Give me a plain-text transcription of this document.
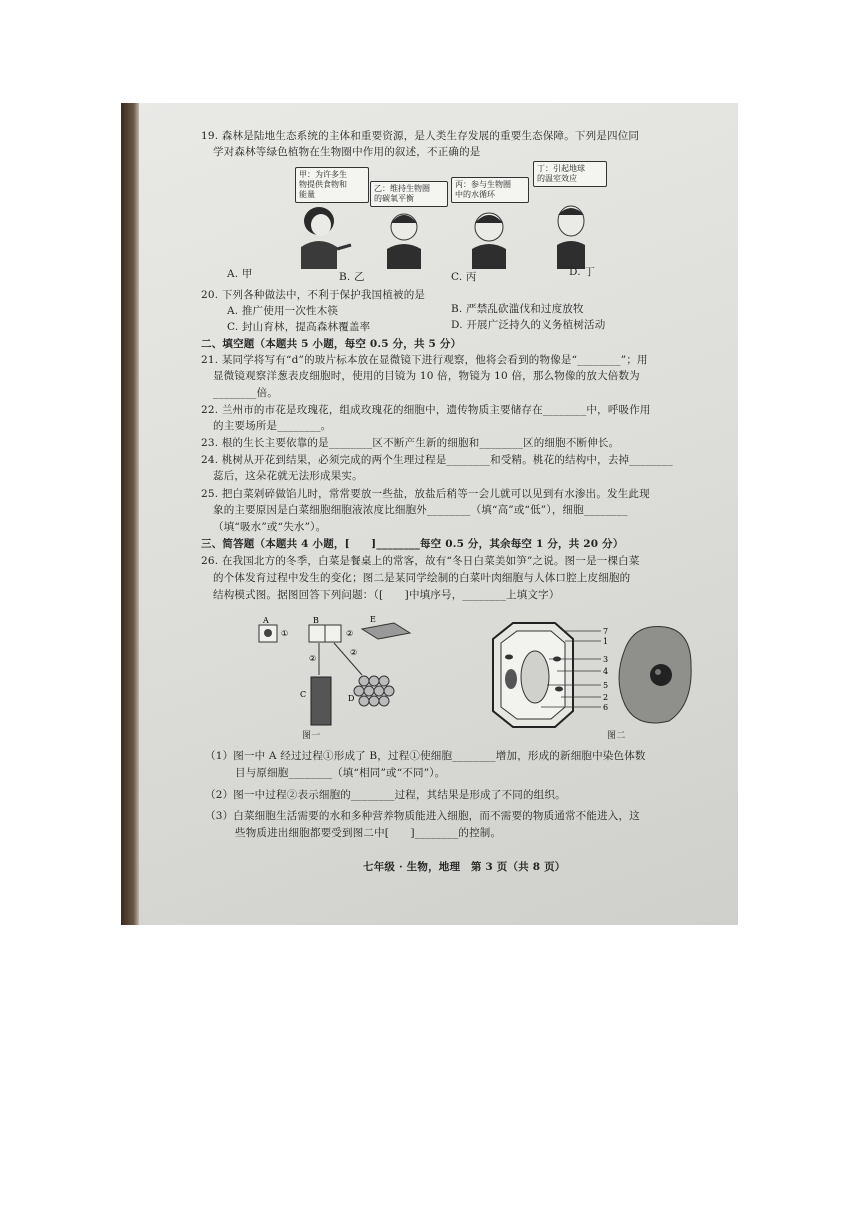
19. 森林是陆地生态系统的主体和重要资源，是人类生存发展的重要生态保障。下列是四位同
学对森林等绿色植物在生物圈中作用的叙述，不正确的是
甲：为许多生
物提供食物和
能量
乙：维持生物圈
的碳氧平衡
丙：参与生物圈
中的水循环
丁：引起地球
的温室效应
A. 甲	B. 乙	C. 丙	D. 丁
20. 下列各种做法中，不利于保护我国植被的是
A. 推广使用一次性木筷	B. 严禁乱砍滥伐和过度放牧
C. 封山育林，提高森林覆盖率	D. 开展广泛持久的义务植树活动
二、填空题（本题共 5 小题，每空 0.5 分，共 5 分）
21. 某同学将写有“d”的玻片标本放在显微镜下进行观察，他将会看到的物像是“________”；用
显微镜观察洋葱表皮细胞时，使用的目镜为 10 倍，物镜为 10 倍，那么物像的放大倍数为
________倍。
22. 兰州市的市花是玫瑰花，组成玫瑰花的细胞中，遗传物质主要储存在________中，呼吸作用
的主要场所是________。
23. 根的生长主要依靠的是________区不断产生新的细胞和________区的细胞不断伸长。
24. 桃树从开花到结果，必须完成的两个生理过程是________和受精。桃花的结构中，去掉________
蕊后，这朵花就无法形成果实。
25. 把白菜剁碎做馅儿时，常常要放一些盐，放盐后稍等一会儿就可以见到有水渗出。发生此现
象的主要原因是白菜细胞细胞液浓度比细胞外________（填“高”或“低”），细胞________
（填“吸水”或“失水”）。
三、简答题（本题共 4 小题，[　　]________每空 0.5 分，其余每空 1 分，共 20 分）
26. 在我国北方的冬季，白菜是餐桌上的常客，故有“冬日白菜美如笋”之说。图一是一棵白菜
的个体发育过程中发生的变化；图二是某同学绘制的白菜叶肉细胞与人体口腔上皮细胞的
结构模式图。据图回答下列问题：（[　　]中填序号，________上填文字）
A
①
B
②
E
②
②
C	D
图一
7
1
3
4
5
2
6
图二
（1）图一中 A 经过过程①形成了 B，过程①使细胞________增加，形成的新细胞中染色体数
目与原细胞________（填“相同”或“不同”）。
（2）图一中过程②表示细胞的________过程，其结果是形成了不同的组织。
（3）白菜细胞生活需要的水和多种营养物质能进入细胞，而不需要的物质通常不能进入，这
些物质进出细胞都要受到图二中[　　]________的控制。
七年级 · 生物，地理　第 3 页（共 8 页）
